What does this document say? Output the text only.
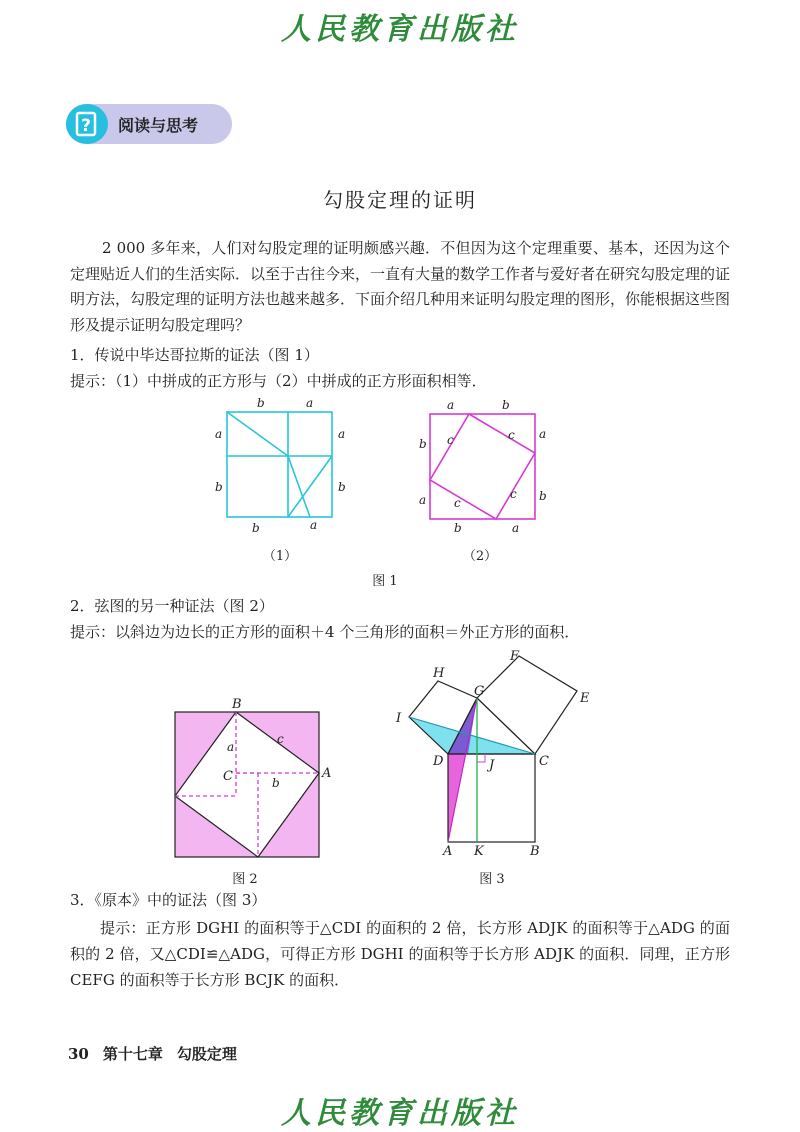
人民教育出版社
? 阅读与思考
勾股定理的证明
2 000 多年来，人们对勾股定理的证明颇感兴趣．不但因为这个定理重要、基本，还因为这个定理贴近人们的生活实际．以至于古往今来，一直有大量的数学工作者与爱好者在研究勾股定理的证明方法，勾股定理的证明方法也越来越多．下面介绍几种用来证明勾股定理的图形，你能根据这些图形及提示证明勾股定理吗？
1．传说中毕达哥拉斯的证法（图 1）
提示：（1）中拼成的正方形与（2）中拼成的正方形面积相等．
b	a
a	a
b	b
b	a
a	b
b
a
c	c
a	b
c
c
b	a
（1）	（2）
图 1
2．弦图的另一种证法（图 2）
提示：以斜边为边长的正方形的面积＋4 个三角形的面积＝外正方形的面积．
B
a
c
C	b
A
图 2
H
F
E
G
I
D	J	C
A K	B
图 3
3．《原本》中的证法（图 3）
提示：正方形 DGHI 的面积等于△CDI 的面积的 2 倍，长方形 ADJK 的面积等于△ADG 的面积的 2 倍，又△CDI≌△ADG，可得正方形 DGHI 的面积等于长方形 ADJK 的面积．同理，正方形 CEFG 的面积等于长方形 BCJK 的面积．
30 第十七章 勾股定理
人民教育出版社
